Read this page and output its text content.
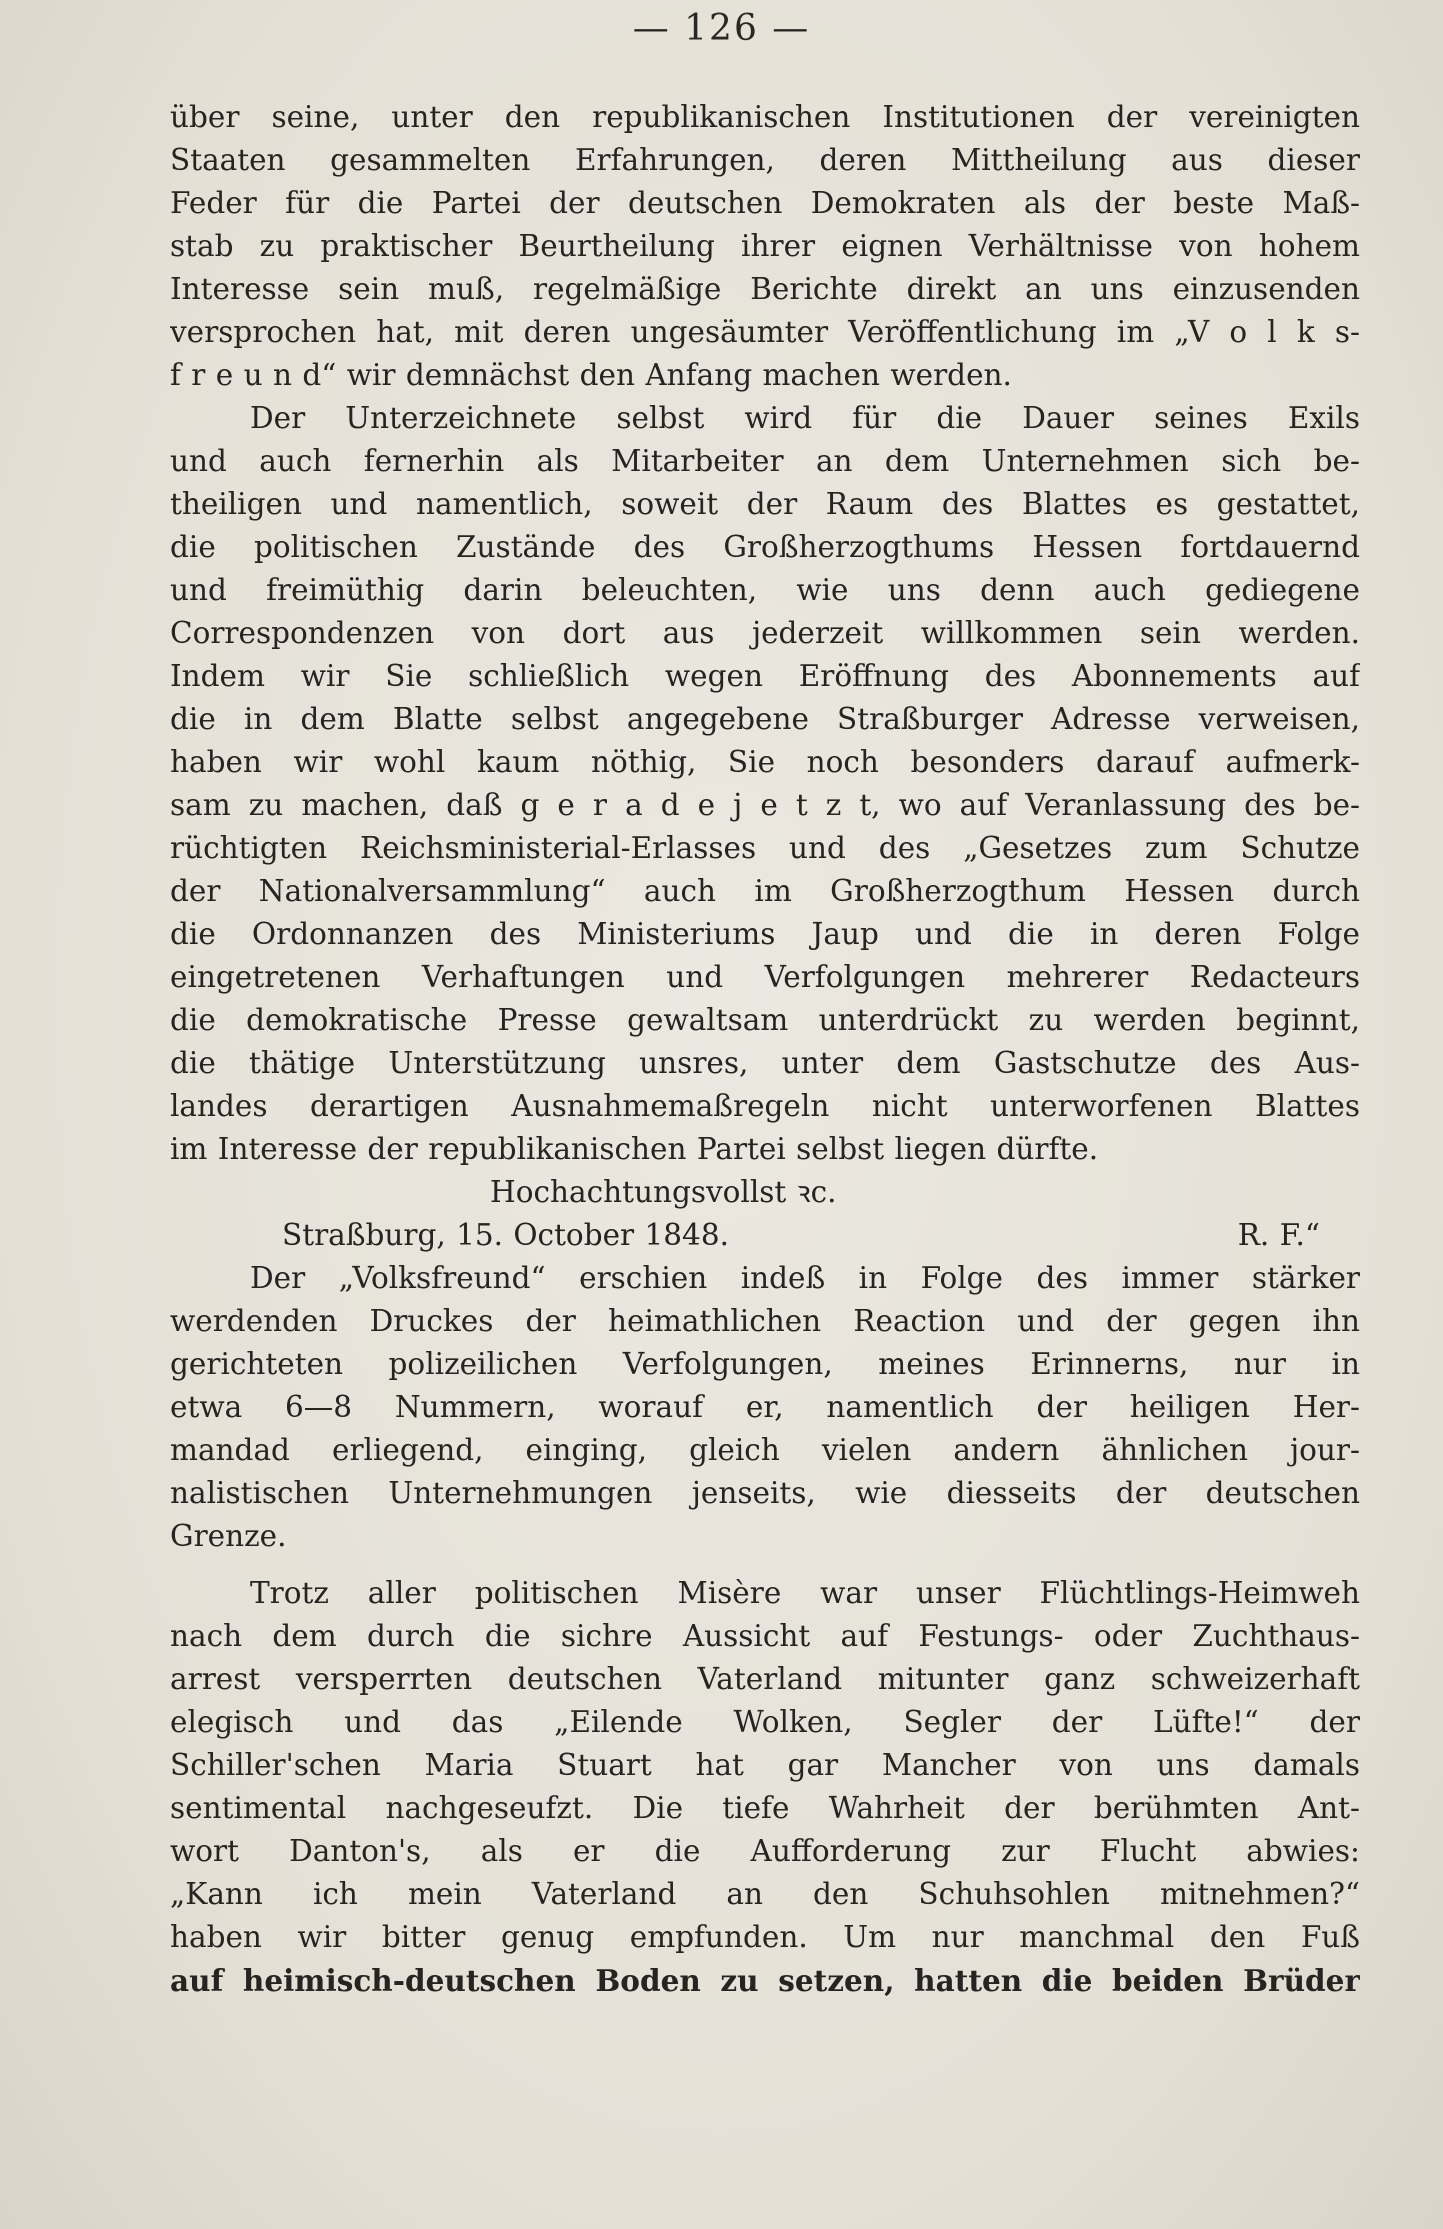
— 126 —
über seine, unter den republikanischen Institutionen der vereinigten
Staaten gesammelten Erfahrungen, deren Mittheilung aus dieser
Feder für die Partei der deutschen Demokraten als der beste Maß-
stab zu praktischer Beurtheilung ihrer eignen Verhältnisse von hohem
Interesse sein muß, regelmäßige Berichte direkt an uns einzusenden
versprochen hat, mit deren ungesäumter Veröffentlichung im „V o l k s-
f r e u n d“ wir demnächst den Anfang machen werden.
Der Unterzeichnete selbst wird für die Dauer seines Exils
und auch fernerhin als Mitarbeiter an dem Unternehmen sich be-
theiligen und namentlich, soweit der Raum des Blattes es gestattet,
die politischen Zustände des Großherzogthums Hessen fortdauernd
und freimüthig darin beleuchten, wie uns denn auch gediegene
Correspondenzen von dort aus jederzeit willkommen sein werden.
Indem wir Sie schließlich wegen Eröffnung des Abonnements auf
die in dem Blatte selbst angegebene Straßburger Adresse verweisen,
haben wir wohl kaum nöthig, Sie noch besonders darauf aufmerk-
sam zu machen, daß g e r a d e j e t z t, wo auf Veranlassung des be-
rüchtigten Reichsministerial-Erlasses und des „Gesetzes zum Schutze
der Nationalversammlung“ auch im Großherzogthum Hessen durch
die Ordonnanzen des Ministeriums Jaup und die in deren Folge
eingetretenen Verhaftungen und Verfolgungen mehrerer Redacteurs
die demokratische Presse gewaltsam unterdrückt zu werden beginnt,
die thätige Unterstützung unsres, unter dem Gastschutze des Aus-
landes derartigen Ausnahmemaßregeln nicht unterworfenen Blattes
im Interesse der republikanischen Partei selbst liegen dürfte.
Hochachtungsvollst ꝛc.
Straßburg, 15. October 1848.	R. F.“
Der „Volksfreund“ erschien indeß in Folge des immer stärker
werdenden Druckes der heimathlichen Reaction und der gegen ihn
gerichteten polizeilichen Verfolgungen, meines Erinnerns, nur in
etwa 6—8 Nummern, worauf er, namentlich der heiligen Her-
mandad erliegend, einging, gleich vielen andern ähnlichen jour-
nalistischen Unternehmungen jenseits, wie diesseits der deutschen
Grenze.
Trotz aller politischen Misère war unser Flüchtlings-Heimweh
nach dem durch die sichre Aussicht auf Festungs- oder Zuchthaus-
arrest versperrten deutschen Vaterland mitunter ganz schweizerhaft
elegisch und das „Eilende Wolken, Segler der Lüfte!“ der
Schiller'schen Maria Stuart hat gar Mancher von uns damals
sentimental nachgeseufzt. Die tiefe Wahrheit der berühmten Ant-
wort Danton's, als er die Aufforderung zur Flucht abwies:
„Kann ich mein Vaterland an den Schuhsohlen mitnehmen?“
haben wir bitter genug empfunden. Um nur manchmal den Fuß
auf heimisch-deutschen Boden zu setzen, hatten die beiden Brüder
